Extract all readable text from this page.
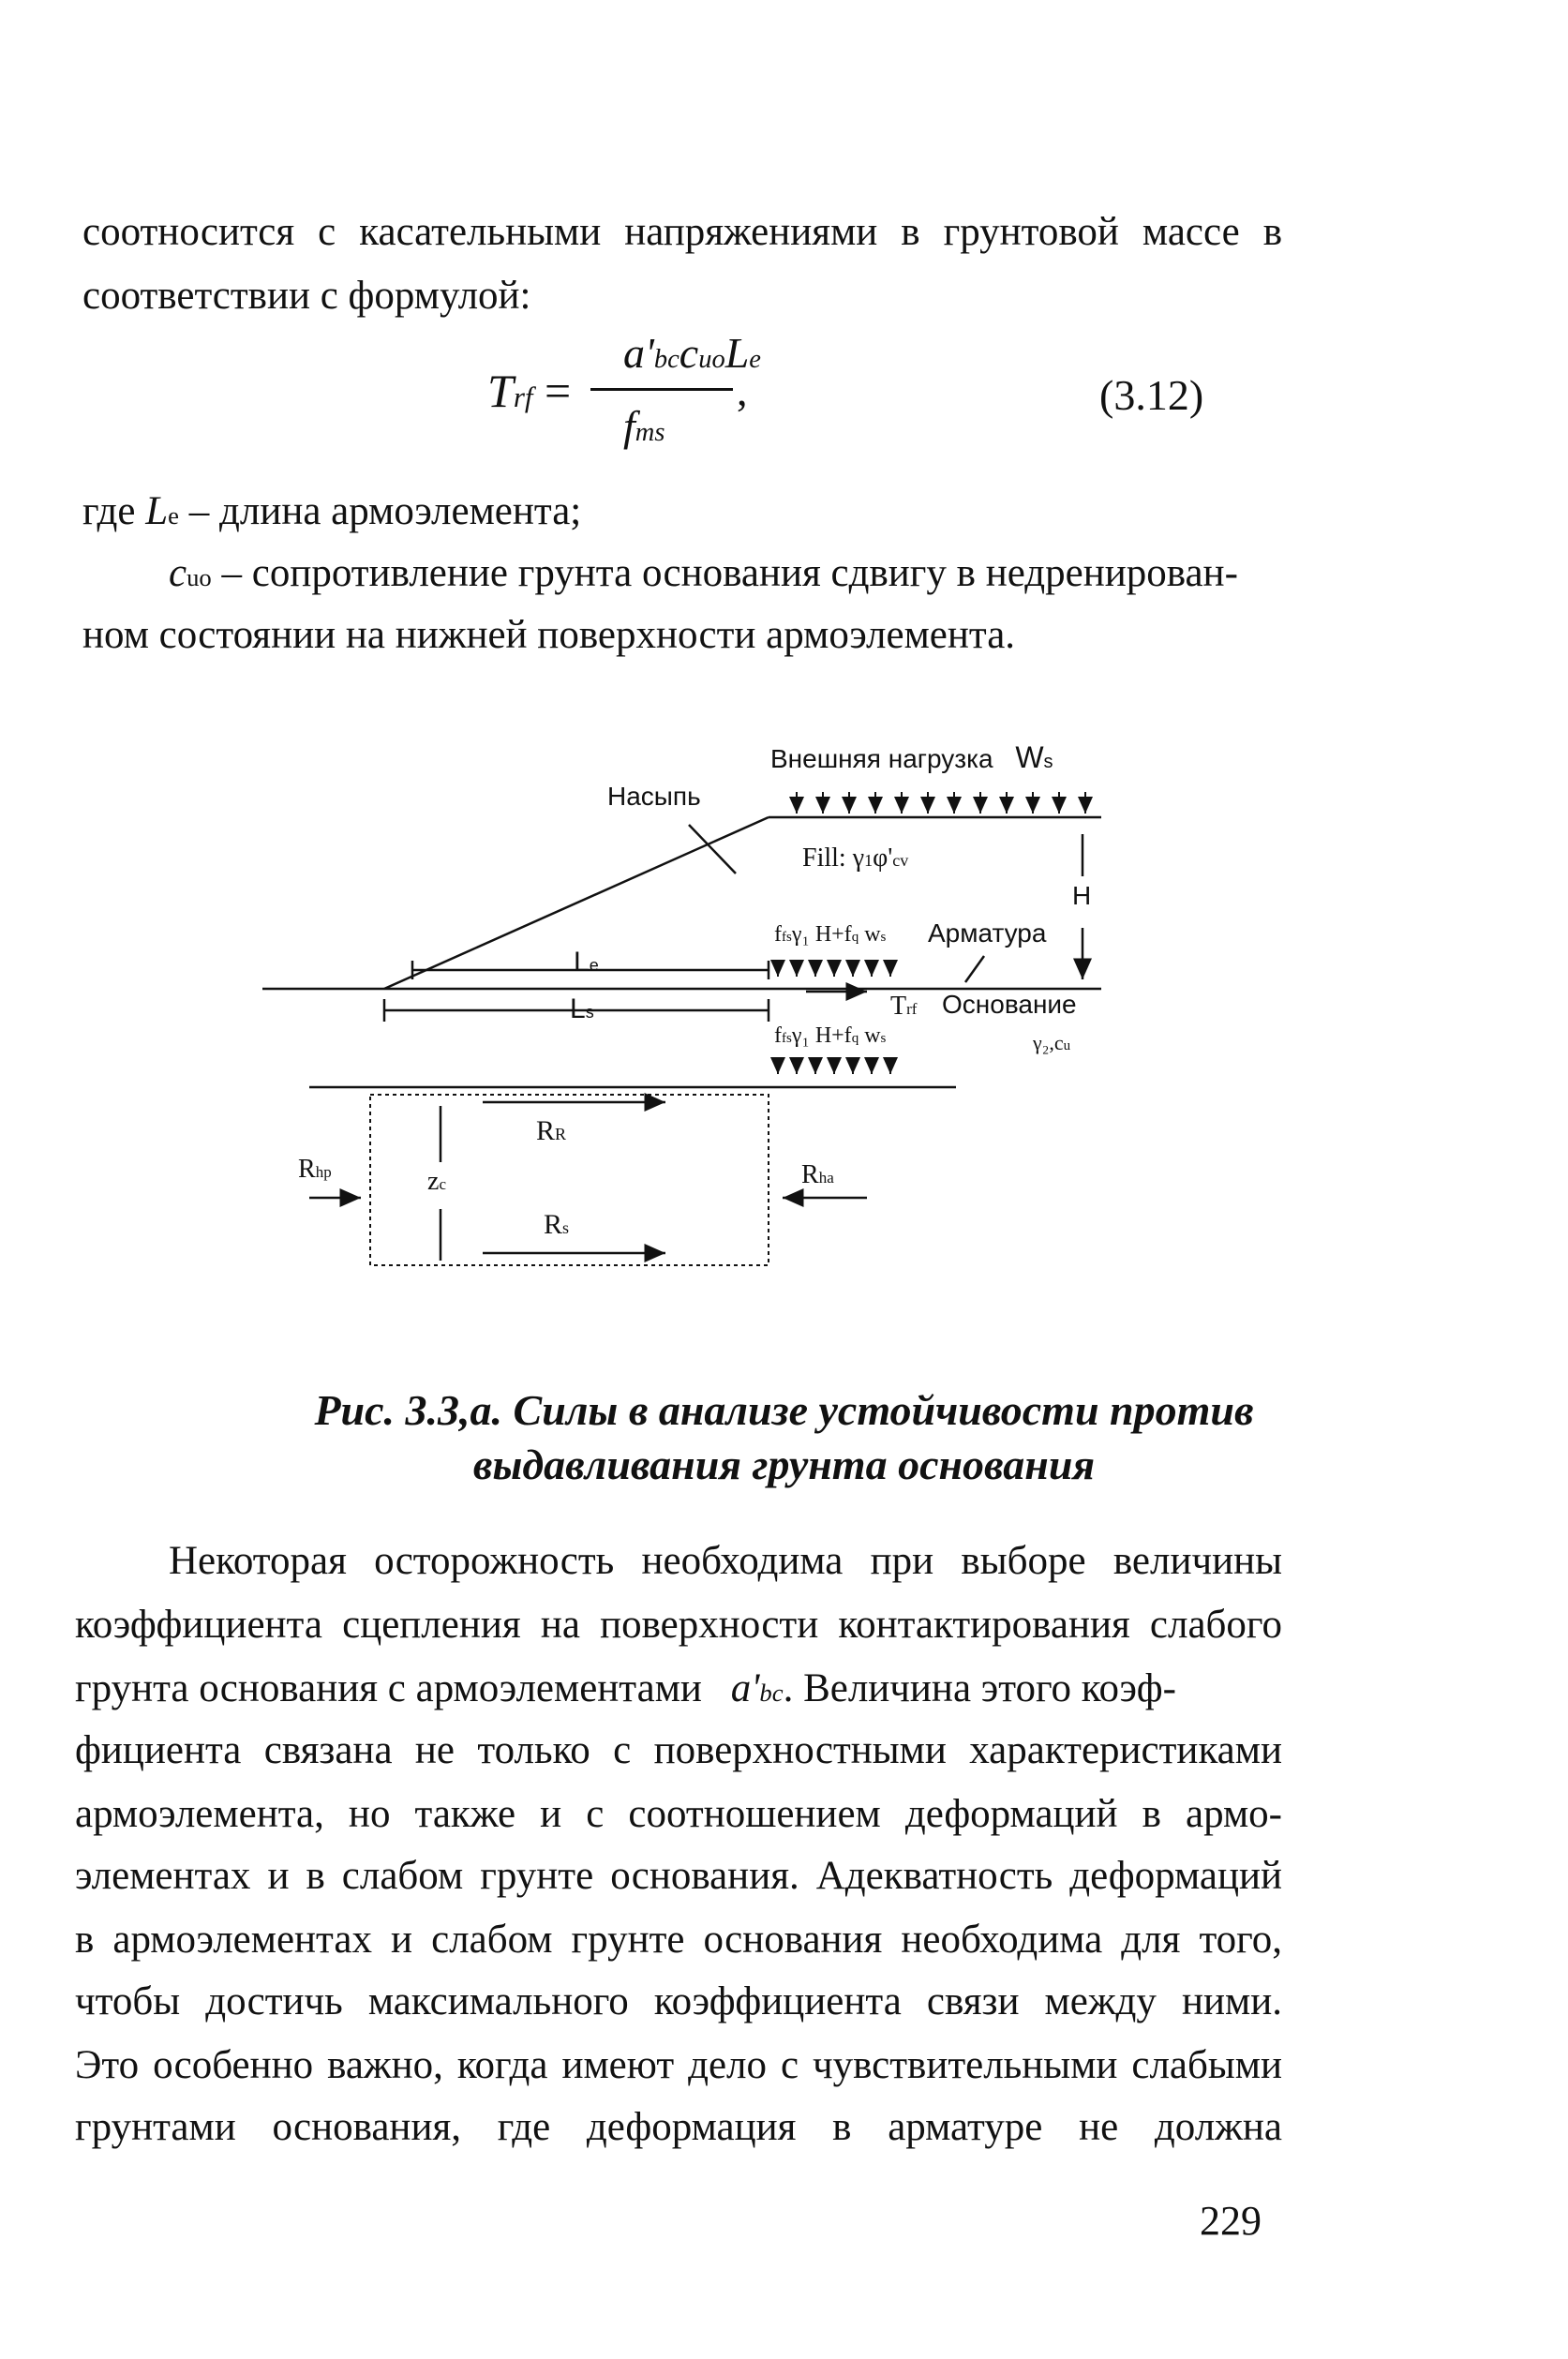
соотносится с касательными напряжениями в грунтовой массе в
соответствии с формулой:
Trf =
a'bccuoLe
fms
,	(3.12)
где Le – длина армоэлемента;
cuo – сопротивление грунта основания сдвигу в недренирован-
ном состоянии на нижней поверхности армоэлемента.
Внешняя нагрузка Ws
Насыпь
Fill: γ1φ'cv
H
ffsγ₁ H+fq ws Арматура
Le
Ls	Trf Основание
γ₂,cu
ffsγ₁ H+fq ws
RR
Rhp	zc	Rha
Rs
Рис. 3.3,а. Силы в анализе устойчивости против
выдавливания грунта основания
Некоторая осторожность необходима при выборе величины
коэффициента сцепления на поверхности контактирования слабого
грунта основания с армоэлементами a'bc. Величина этого коэф-
фициента связана не только с поверхностными характеристиками
армоэлемента, но также и с соотношением деформаций в армо-
элементах и в слабом грунте основания. Адекватность деформаций
в армоэлементах и слабом грунте основания необходима для того,
чтобы достичь максимального коэффициента связи между ними.
Это особенно важно, когда имеют дело с чувствительными слабыми
грунтами основания, где деформация в арматуре не должна
229
